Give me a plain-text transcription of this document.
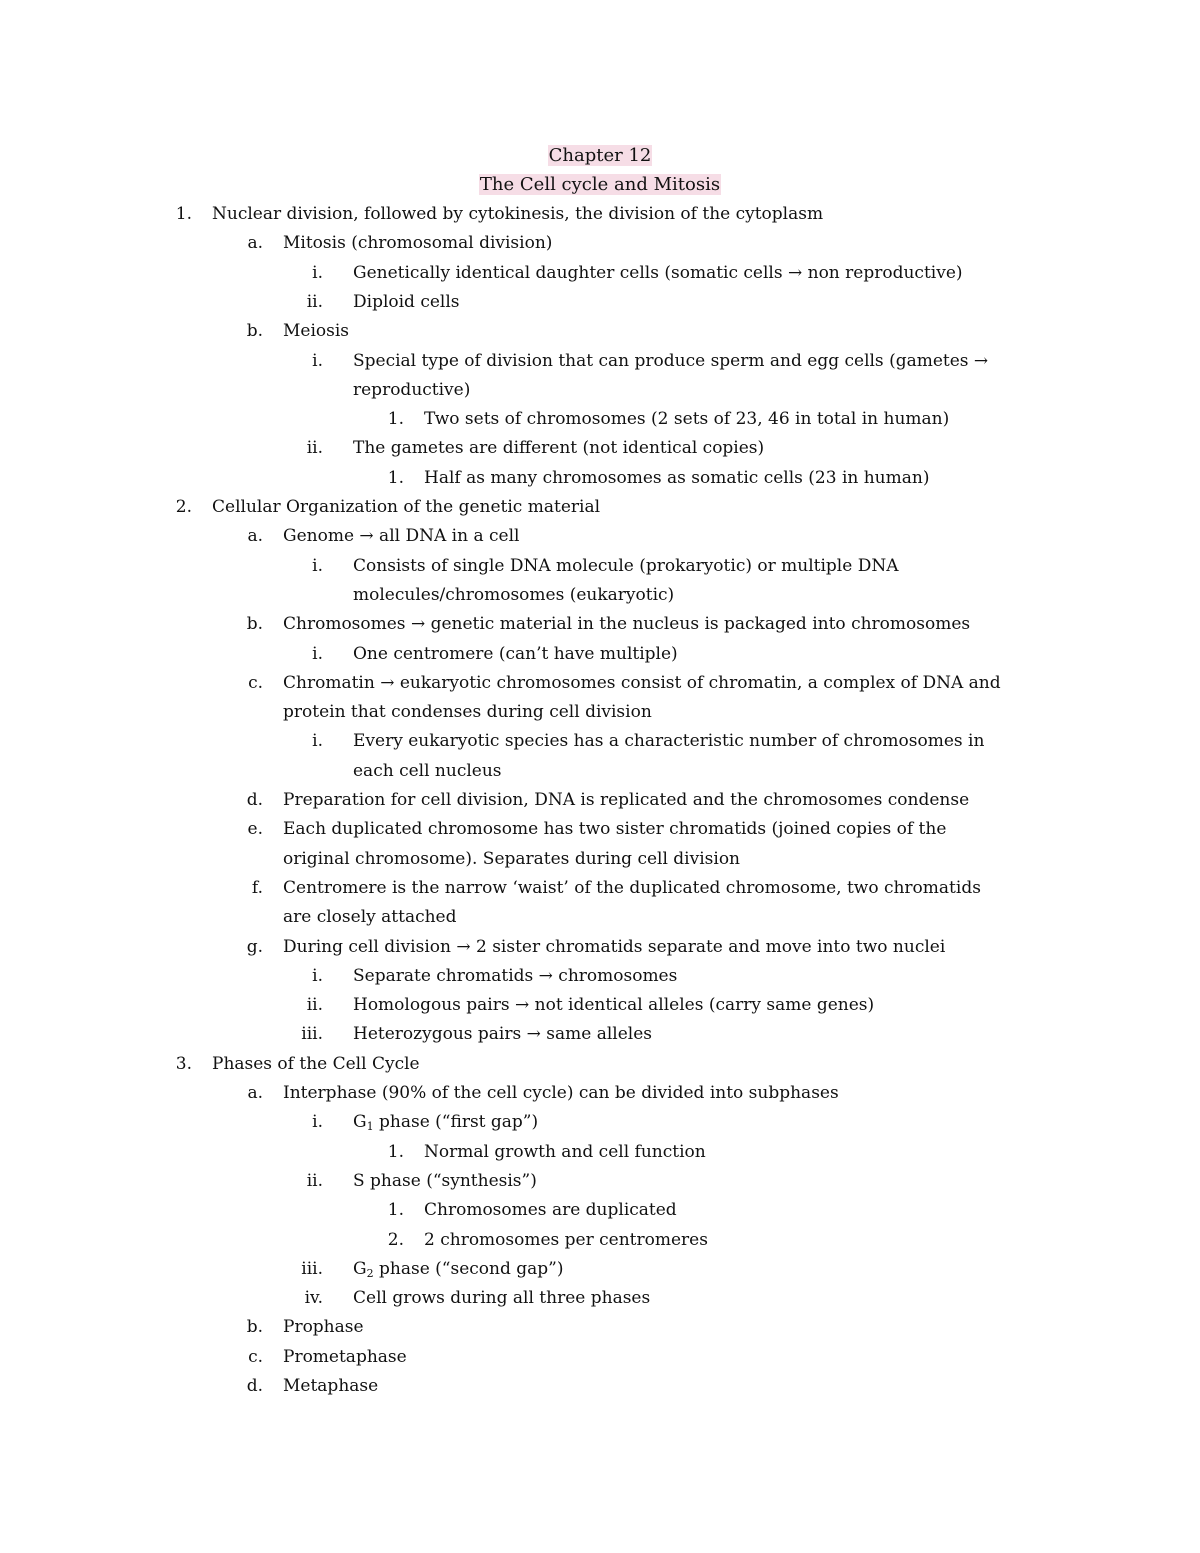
Chapter 12
The Cell cycle and Mitosis
1. Nuclear division, followed by cytokinesis, the division of the cytoplasm
a. Mitosis (chromosomal division)
i. Genetically identical daughter cells (somatic cells → non reproductive)
ii. Diploid cells
b. Meiosis
i. Special type of division that can produce sperm and egg cells (gametes →
reproductive)
1. Two sets of chromosomes (2 sets of 23, 46 in total in human)
ii. The gametes are different (not identical copies)
1. Half as many chromosomes as somatic cells (23 in human)
2. Cellular Organization of the genetic material
a. Genome → all DNA in a cell
i. Consists of single DNA molecule (prokaryotic) or multiple DNA
molecules/chromosomes (eukaryotic)
b. Chromosomes → genetic material in the nucleus is packaged into chromosomes
i. One centromere (can’t have multiple)
c. Chromatin → eukaryotic chromosomes consist of chromatin, a complex of DNA and
protein that condenses during cell division
i. Every eukaryotic species has a characteristic number of chromosomes in
each cell nucleus
d. Preparation for cell division, DNA is replicated and the chromosomes condense
e. Each duplicated chromosome has two sister chromatids (joined copies of the
original chromosome). Separates during cell division
f. Centromere is the narrow ‘waist’ of the duplicated chromosome, two chromatids
are closely attached
g. During cell division → 2 sister chromatids separate and move into two nuclei
i. Separate chromatids → chromosomes
ii. Homologous pairs → not identical alleles (carry same genes)
iii. Heterozygous pairs → same alleles
3. Phases of the Cell Cycle
a. Interphase (90% of the cell cycle) can be divided into subphases
i. $G_1$ phase (“first gap”)
1. Normal growth and cell function
ii. S phase (“synthesis”)
1. Chromosomes are duplicated
2. 2 chromosomes per centromeres
iii. $G_2$ phase (“second gap”)
iv. Cell grows during all three phases
b. Prophase
c. Prometaphase
d. Metaphase
